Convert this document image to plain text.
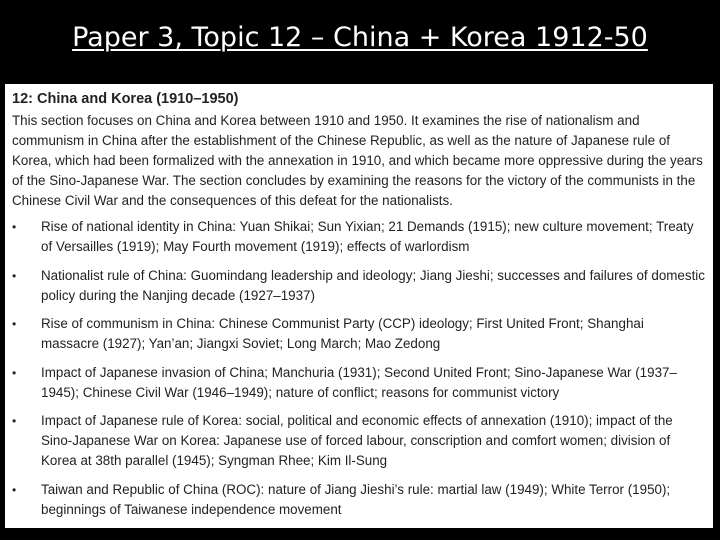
Paper 3, Topic 12 – China + Korea 1912-50
12: China and Korea (1910–1950)

This section focuses on China and Korea between 1910 and 1950. It examines the rise of nationalism and communism in China after the establishment of the Chinese Republic, as well as the nature of Japanese rule of Korea, which had been formalized with the annexation in 1910, and which became more oppressive during the years of the Sino-Japanese War. The section concludes by examining the reasons for the victory of the communists in the Chinese Civil War and the consequences of this defeat for the nationalists.

• Rise of national identity in China: Yuan Shikai; Sun Yixian; 21 Demands (1915); new culture movement; Treaty of Versailles (1919); May Fourth movement (1919); effects of warlordism
• Nationalist rule of China: Guomindang leadership and ideology; Jiang Jieshi; successes and failures of domestic policy during the Nanjing decade (1927–1937)
• Rise of communism in China: Chinese Communist Party (CCP) ideology; First United Front; Shanghai massacre (1927); Yan’an; Jiangxi Soviet; Long March; Mao Zedong
• Impact of Japanese invasion of China; Manchuria (1931); Second United Front; Sino-Japanese War (1937–1945); Chinese Civil War (1946–1949); nature of conflict; reasons for communist victory
• Impact of Japanese rule of Korea: social, political and economic effects of annexation (1910); impact of the Sino-Japanese War on Korea: Japanese use of forced labour, conscription and comfort women; division of Korea at 38th parallel (1945); Syngman Rhee; Kim Il-Sung
• Taiwan and Republic of China (ROC): nature of Jiang Jieshi’s rule: martial law (1949); White Terror (1950); beginnings of Taiwanese independence movement
